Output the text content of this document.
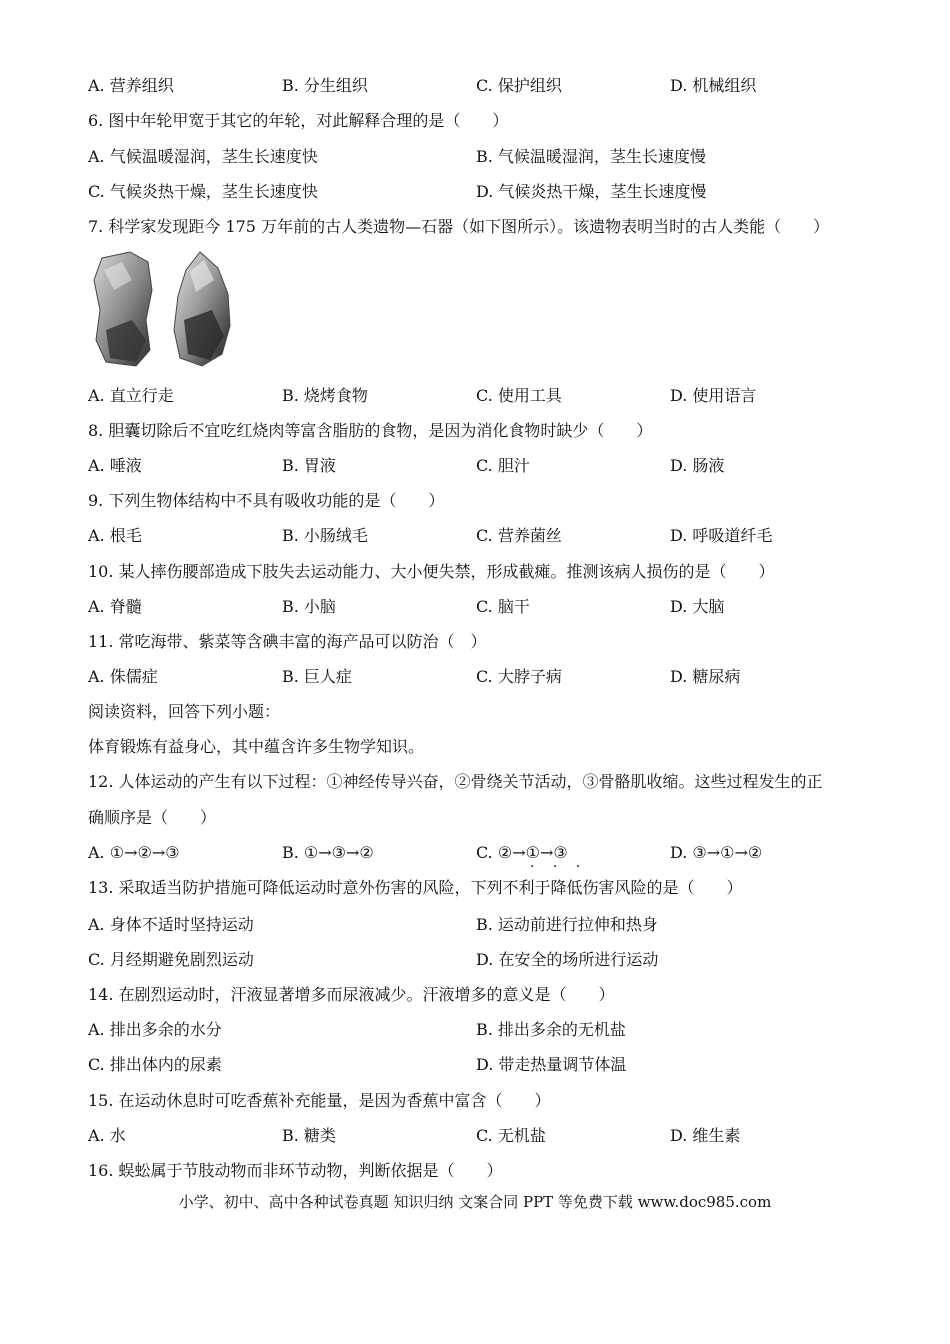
A. 营养组织	B. 分生组织	C. 保护组织	D. 机械组织
6. 图中年轮甲宽于其它的年轮，对此解释合理的是（　　）
A. 气候温暖湿润，茎生长速度快	B. 气候温暖湿润，茎生长速度慢
C. 气候炎热干燥，茎生长速度快	D. 气候炎热干燥，茎生长速度慢
7. 科学家发现距今 175 万年前的古人类遗物—石器（如下图所示）。该遗物表明当时的古人类能（　　）
A. 直立行走	B. 烧烤食物	C. 使用工具	D. 使用语言
8. 胆囊切除后不宜吃红烧肉等富含脂肪的食物，是因为消化食物时缺少（　　）
A. 唾液	B. 胃液	C. 胆汁	D. 肠液
9. 下列生物体结构中不具有吸收功能的是（　　）
A. 根毛	B. 小肠绒毛	C. 营养菌丝	D. 呼吸道纤毛
10. 某人摔伤腰部造成下肢失去运动能力、大小便失禁，形成截瘫。推测该病人损伤的是（　　）
A. 脊髓	B. 小脑	C. 脑干	D. 大脑
11. 常吃海带、紫菜等含碘丰富的海产品可以防治（　）
A. 侏儒症	B. 巨人症	C. 大脖子病	D. 糖尿病
阅读资料，回答下列小题：
体育锻炼有益身心，其中蕴含许多生物学知识。
12. 人体运动的产生有以下过程：①神经传导兴奋，②骨绕关节活动，③骨骼肌收缩。这些过程发生的正
确顺序是（　　）
A. ①→②→③	B. ①→③→②	C. ②→①→③	D. ③→①→②
· · ·
13. 采取适当防护措施可降低运动时意外伤害的风险，下列不利于降低伤害风险的是（　　）
A. 身体不适时坚持运动	B. 运动前进行拉伸和热身
C. 月经期避免剧烈运动	D. 在安全的场所进行运动
14. 在剧烈运动时，汗液显著增多而尿液减少。汗液增多的意义是（　　）
A. 排出多余的水分	B. 排出多余的无机盐
C. 排出体内的尿素	D. 带走热量调节体温
15. 在运动休息时可吃香蕉补充能量，是因为香蕉中富含（　　）
A. 水	B. 糖类	C. 无机盐	D. 维生素
16. 蜈蚣属于节肢动物而非环节动物，判断依据是（　　）
小学、初中、高中各种试卷真题 知识归纳 文案合同 PPT 等免费下载 www.doc985.com
